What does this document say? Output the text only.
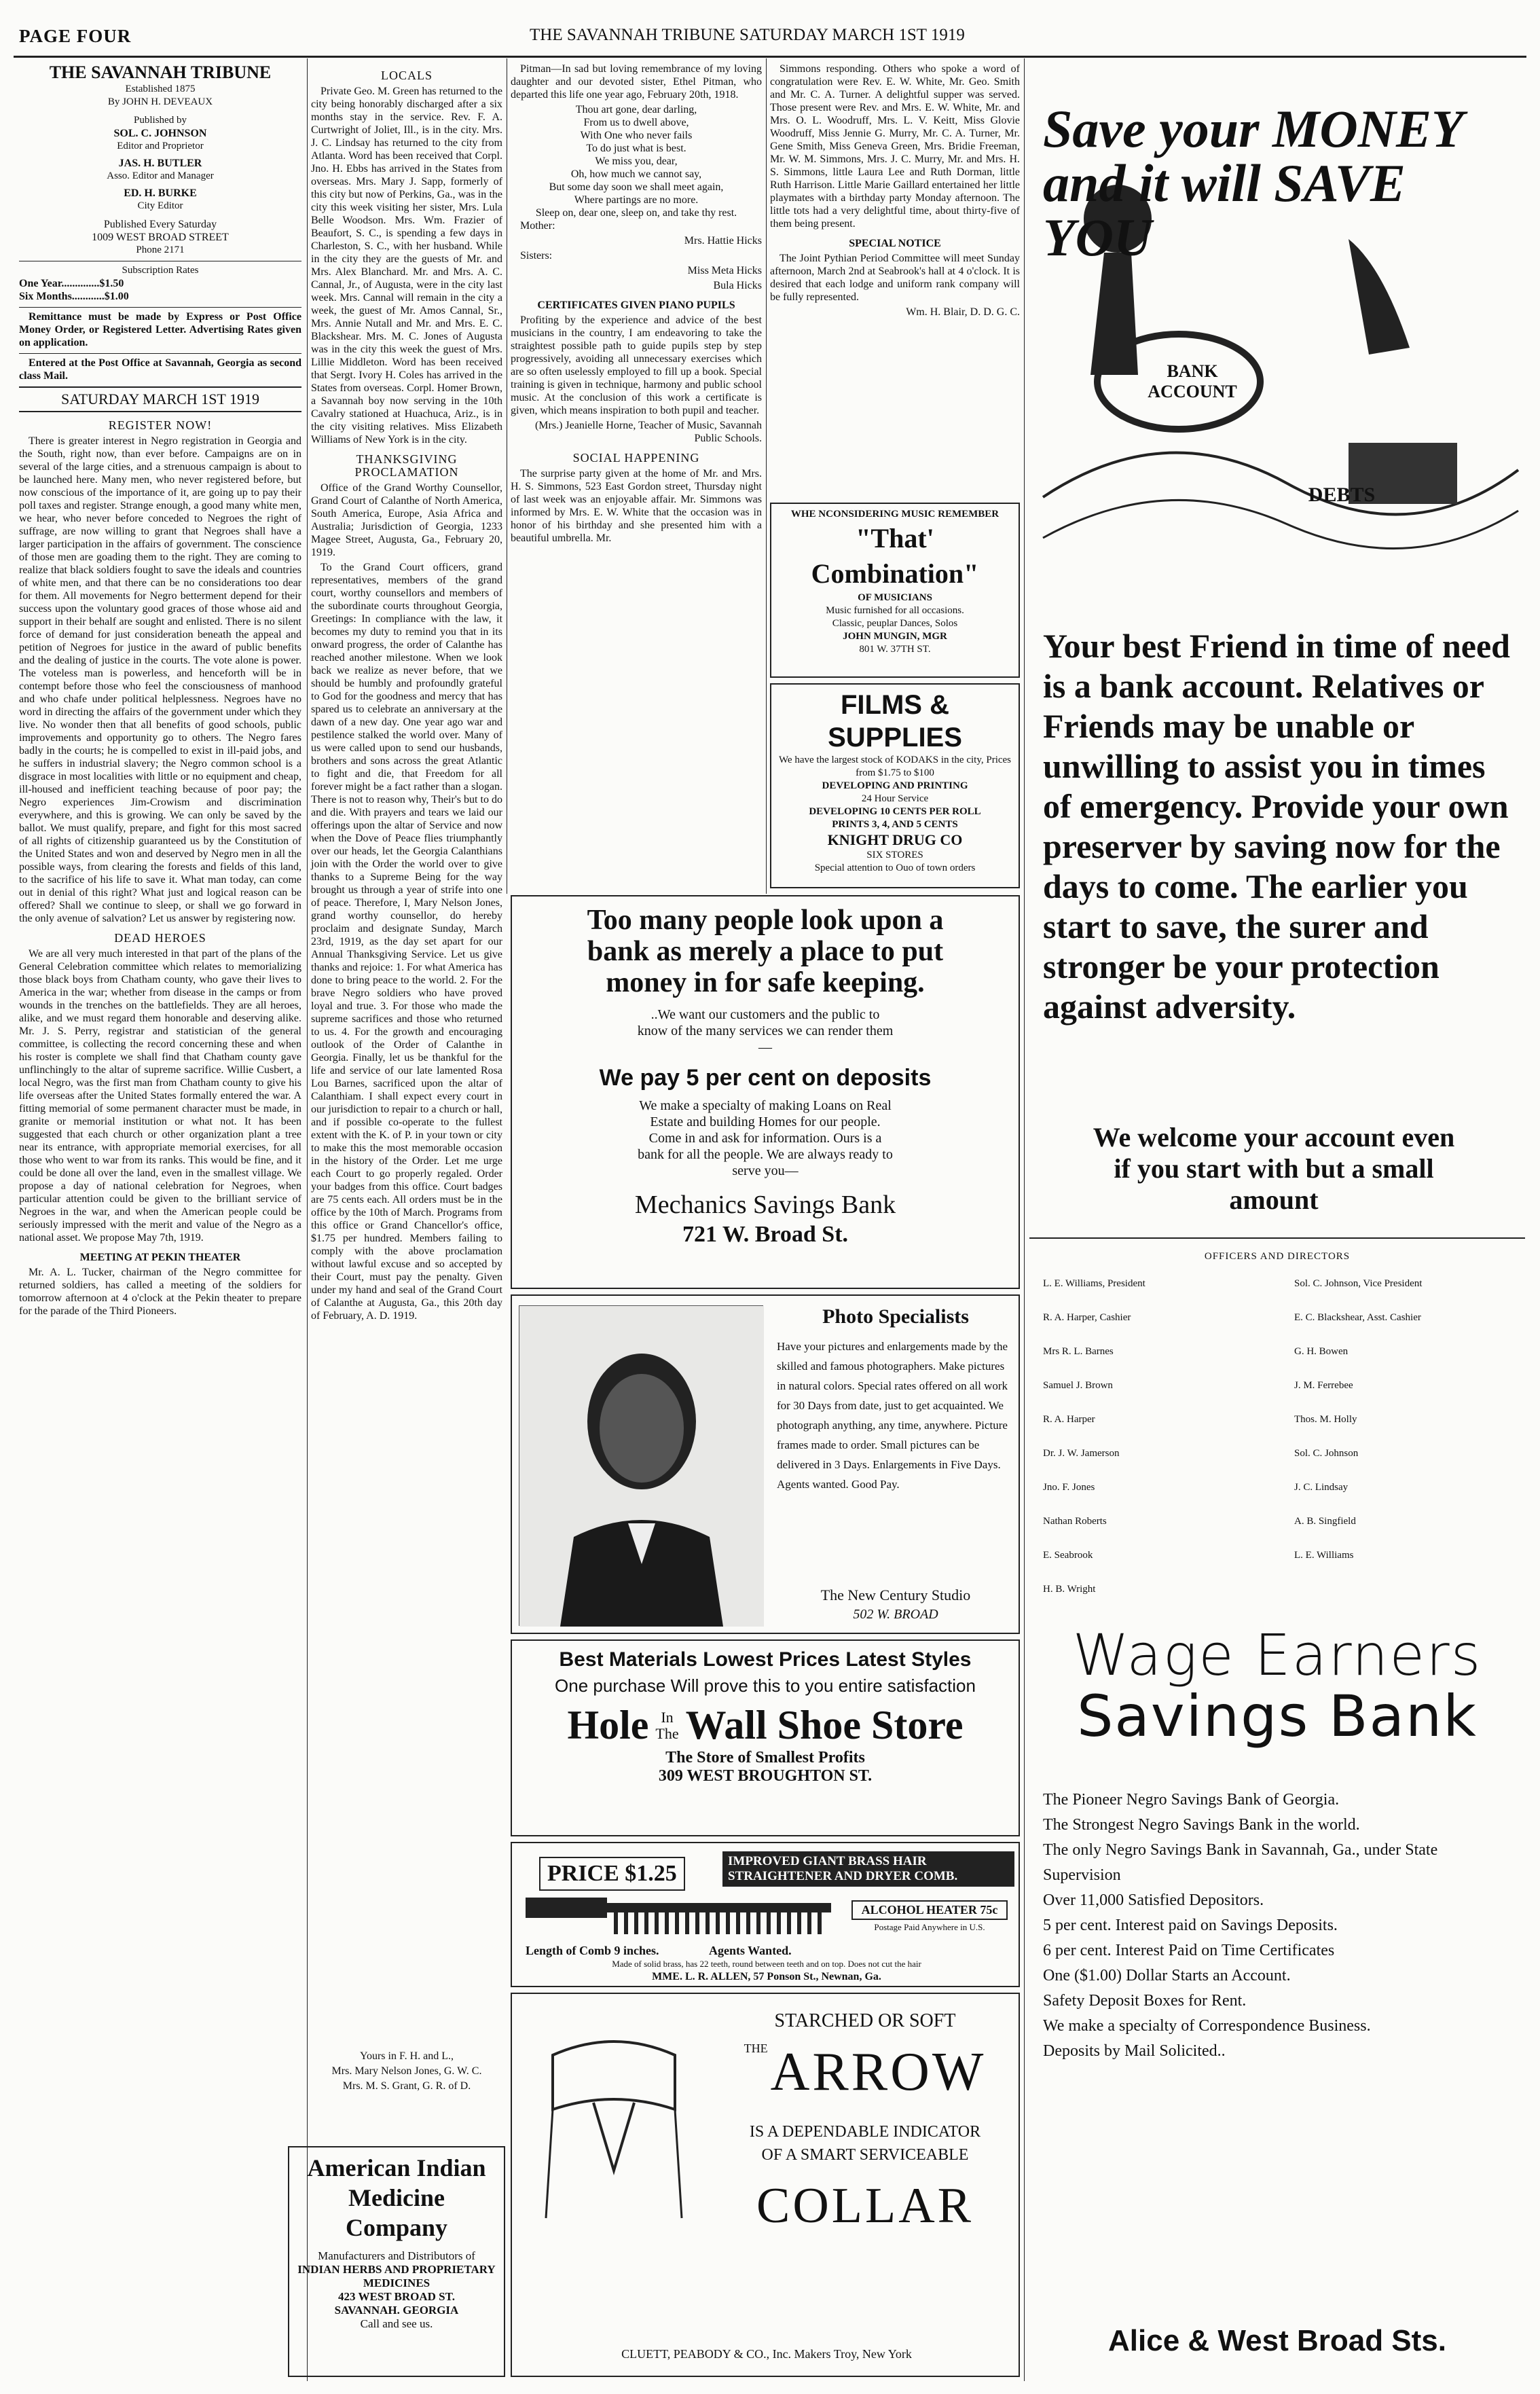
PAGE FOUR	THE SAVANNAH TRIBUNE SATURDAY MARCH 1ST 1919
THE SAVANNAH TRIBUNE
Established 1875
By JOHN H. DEVEAUX
Published by
SOL. C. JOHNSON
Editor and Proprietor
JAS. H. BUTLER
Asso. Editor and Manager
ED. H. BURKE
City Editor
Published Every Saturday
1009 WEST BROAD STREET
Phone 2171
Subscription Rates
One Year..............$1.50
Six Months............$1.00

Remittance must be made by Express or Post Office Money Order, or Registered Letter. Advertising Rates given on application.

Entered at the Post Office at Savannah, Georgia as second class Mail.

SATURDAY MARCH 1ST 1919
REGISTER NOW!

There is greater interest in Negro registration in Georgia and the South, right now, than ever before. Campaigns are on in several of the large cities, and a strenuous campaign is about to be launched here. Many men, who never registered before, but now conscious of the importance of it, are going up to pay their poll taxes and register. Strange enough, a good many white men, we hear, who never before conceded to Negroes the right of suffrage, are now willing to grant that Negroes shall have a larger participation in the affairs of government. The conscience of those men are goading them to the right. They are coming to realize that black soldiers fought to save the ideals and countries of white men, and that there can be no considerations too dear for them. All movements for Negro betterment depend for their success upon the voluntary good graces of those whose aid and support in their behalf are sought and enlisted. There is no silent force of demand for just consideration beneath the appeal and petition of Negroes for justice in the award of public benefits and the dealing of justice in the courts. The vote alone is power. The voteless man is powerless, and henceforth will be in contempt before those who feel the consciousness of manhood and who chafe under political helplessness. Negroes have no word in directing the affairs of the government under which they live. No wonder then that all benefits of good schools, public improvements and opportunity go to others. The Negro fares badly in the courts; he is compelled to exist in ill-paid jobs, and he suffers in industrial slavery; the Negro common school is a disgrace in most localities with little or no equipment and cheap, ill-housed and inefficient teaching because of poor pay; the Negro experiences Jim-Crowism and discrimination everywhere, and this is growing. We can only be saved by the ballot. We must qualify, prepare, and fight for this most sacred of all rights of citizenship guaranteed us by the Constitution of the United States and won and deserved by Negro men in all the possible ways, from clearing the forests and fields of this land, to the sacrifice of his life to save it. What man today, can come out in denial of this right? What just and logical reason can be offered? Shall we continue to sleep, or shall we go forward in the only avenue of salvation? Let us answer by registering now.

DEAD HEROES

We are all very much interested in that part of the plans of the General Celebration committee which relates to memorializing those black boys from Chatham county, who gave their lives to America in the war; whether from disease in the camps or from wounds in the trenches on the battlefields. They are all heroes, alike, and we must regard them honorable and deserving alike. Mr. J. S. Perry, registrar and statistician of the general committee, is collecting the record concerning these and when his roster is complete we shall find that Chatham county gave unflinchingly to the altar of supreme sacrifice. Willie Cusbert, a local Negro, was the first man from Chatham county to give his life overseas after the United States formally entered the war. A fitting memorial of some permanent character must be made, in granite or memorial institution or what not. It has been suggested that each church or other organization plant a tree near its entrance, with appropriate memorial exercises, for all those who went to war from its ranks. This would be fine, and it could be done all over the land, even in the smallest village. We propose a day of national celebration for Negroes, when particular attention could be given to the brilliant service of Negroes in the war, and when the American people could be seriously impressed with the merit and value of the Negro as a national asset. We propose May 7th, 1919.

MEETING AT PEKIN THEATER

Mr. A. L. Tucker, chairman of the Negro committee for returned soldiers, has called a meeting of the soldiers for tomorrow afternoon at 4 o'clock at the Pekin theater to prepare for the parade of the Third Pioneers.

LOCALS

Private Geo. M. Green has returned to the city being honorably discharged after a six months stay in the service. Rev. F. A. Curtwright of Joliet, Ill., is in the city. Mrs. J. C. Lindsay has returned to the city from Atlanta. Word has been received that Corpl. Jno. H. Ebbs has arrived in the States from overseas. Mrs. Mary J. Sapp, formerly of this city but now of Perkins, Ga., was in the city this week visiting her sister, Mrs. Lula Belle Woodson. Mrs. Wm. Frazier of Beaufort, S. C., is spending a few days in Charleston, S. C., with her husband. While in the city they are the guests of Mr. and Mrs. Alex Blanchard. Mr. and Mrs. A. C. Cannal, Jr., of Augusta, were in the city last week. Mrs. Cannal will remain in the city a week, the guest of Mr. Amos Cannal, Sr., Mrs. Annie Nutall and Mr. and Mrs. E. C. Blackshear. Mrs. M. C. Jones of Augusta was in the city this week the guest of Mrs. Lillie Middleton. Word has been received that Sergt. Ivory H. Coles has arrived in the States from overseas. Corpl. Homer Brown, a Savannah boy now serving in the 10th Cavalry stationed at Huachuca, Ariz., is in the city visiting relatives. Miss Elizabeth Williams of New York is in the city.

THANKSGIVING PROCLAMATION

Office of the Grand Worthy Counsellor, Grand Court of Calanthe of North America, South America, Europe, Asia Africa and Australia; Jurisdiction of Georgia, 1233 Magee Street, Augusta, Ga., February 20, 1919.

To the Grand Court officers, grand representatives, members of the grand court, worthy counsellors and members of the subordinate courts throughout Georgia, Greetings: In compliance with the law, it becomes my duty to remind you that in its onward progress, the order of Calanthe has reached another milestone. When we look back we realize as never before, that we should be humbly and profoundly grateful to God for the goodness and mercy that has spared us to celebrate an anniversary at the dawn of a new day. One year ago war and pestilence stalked the world over. Many of us were called upon to send our husbands, brothers and sons across the great Atlantic to fight and die, that Freedom for all forever might be a fact rather than a slogan. There is not to reason why, Their's but to do and die. With prayers and tears we laid our offerings upon the altar of Service and now when the Dove of Peace flies triumphantly over our heads, let the Georgia Calanthians join with the Order the world over to give thanks to a Supreme Being for the way brought us through a year of strife into one of peace. Therefore, I, Mary Nelson Jones, grand worthy counsellor, do hereby proclaim and designate Sunday, March 23rd, 1919, as the day set apart for our Annual Thanksgiving Service. Let us give thanks and rejoice: 1. For what America has done to bring peace to the world. 2. For the brave Negro soldiers who have proved loyal and true. 3. For those who made the supreme sacrifices and those who returned to us. 4. For the growth and encouraging outlook of the Order of Calanthe in Georgia. Finally, let us be thankful for the life and service of our late lamented Rosa Lou Barnes, sacrificed upon the altar of Calanthiam. I shall expect every court in our jurisdiction to repair to a church or hall, and if possible co-operate to the fullest extent with the K. of P. in your town or city to make this the most memorable occasion in the history of the Order. Let me urge each Court to go properly regaled. Order your badges from this office. Court badges are 75 cents each. All orders must be in the office by the 10th of March. Programs from this office or Grand Chancellor's office, $1.75 per hundred. Members failing to comply with the above proclamation without lawful excuse and so accepted by their Court, must pay the penalty. Given under my hand and seal of the Grand Court of Calanthe at Augusta, Ga., this 20th day of February, A. D. 1919.

Yours in F. H. and L.,

Mrs. Mary Nelson Jones, G. W. C.

Mrs. M. S. Grant, G. R. of D.

Pitman—In sad but loving remembrance of my loving daughter and our devoted sister, Ethel Pitman, who departed this life one year ago, February 20th, 1918.

Thou art gone, dear darling,
From us to dwell above,
With One who never fails
To do just what is best.
We miss you, dear,
Oh, how much we cannot say,
But some day soon we shall meet again,
Where partings are no more.
Sleep on, dear one, sleep on, and take thy rest.

Mother:

Mrs. Hattie Hicks

Sisters:

Miss Meta Hicks

Bula Hicks

CERTIFICATES GIVEN PIANO PUPILS

Profiting by the experience and advice of the best musicians in the country, I am endeavoring to take the straightest possible path to guide pupils step by step progressively, avoiding all unnecessary exercises which are so often uselessly employed to fill up a book. Special training is given in technique, harmony and public school music. At the conclusion of this work a certificate is given, which means inspiration to both pupil and teacher.

(Mrs.) Jeanielle Horne, Teacher of Music, Savannah Public Schools.

SOCIAL HAPPENING

The surprise party given at the home of Mr. and Mrs. H. S. Simmons, 523 East Gordon street, Thursday night of last week was an enjoyable affair. Mr. Simmons was informed by Mrs. E. W. White that the occasion was in honor of his birthday and she presented him with a beautiful umbrella. Mr.

Simmons responding. Others who spoke a word of congratulation were Rev. E. W. White, Mr. Geo. Smith and Mr. C. A. Turner. A delightful supper was served. Those present were Rev. and Mrs. E. W. White, Mr. and Mrs. O. L. Woodruff, Mrs. L. V. Keitt, Miss Glovie Woodruff, Miss Jennie G. Murry, Mr. C. A. Turner, Mr. Gene Smith, Miss Geneva Green, Mrs. Bridie Freeman, Mr. W. M. Simmons, Mrs. J. C. Murry, Mr. and Mrs. H. S. Simmons, little Laura Lee and Ruth Dorman, little Ruth Harrison. Little Marie Gaillard entertained her little playmates with a birthday party Monday afternoon. The little tots had a very delightful time, about thirty-five of them being present.

SPECIAL NOTICE

The Joint Pythian Period Committee will meet Sunday afternoon, March 2nd at Seabrook's hall at 4 o'clock. It is desired that each lodge and uniform rank company will be fully represented.

Wm. H. Blair, D. D. G. C.

WHE NCONSIDERING MUSIC REMEMBER
"That' Combination"
OF MUSICIANS
Music furnished for all occasions.
Classic, peuplar Dances, Solos
JOHN MUNGIN, MGR
801 W. 37TH ST.
FILMS & SUPPLIES
We have the largest stock of KODAKS in the city, Prices from $1.75 to $100
DEVELOPING AND PRINTING
24 Hour Service
DEVELOPING 10 CENTS PER ROLL
PRINTS 3, 4, AND 5 CENTS
KNIGHT DRUG CO
SIX STORES
Special attention to Ouo of town orders
Too many people look upon a
bank as merely a place to put
money in for safe keeping.
..We want our customers and the public to know of the many services we can render them—
We pay 5 per cent on deposits
We make a specialty of making Loans on Real Estate and building Homes for our people. Come in and ask for information. Ours is a bank for all the people. We are always ready to serve you—
Mechanics Savings Bank
721 W. Broad St.
Photo Specialists
Have your pictures and enlargements made by the skilled and famous photographers. Make pictures in natural colors. Special rates offered on all work for 30 Days from date, just to get acquainted. We photograph anything, any time, anywhere. Picture frames made to order. Small pictures can be delivered in 3 Days. Enlargements in Five Days. Agents wanted. Good Pay.
The New Century Studio
502 W. BROAD
Best Materials Lowest Prices Latest Styles
One purchase Will prove this to you entire satisfaction
Hole In
The Wall Shoe Store
The Store of Smallest Profits
309 WEST BROUGHTON ST.
PRICE $1.25	IMPROVED GIANT BRASS HAIR STRAIGHTENER AND DRYER COMB.
ALCOHOL HEATER 75c
Postage Paid Anywhere in U.S.
Length of Comb 9 inches.	Agents Wanted.
Made of solid brass, has 22 teeth, round between teeth and on top. Does not cut the hair
MME. L. R. ALLEN, 57 Ponson St., Newnan, Ga.
American Indian Medicine Company
Manufacturers and Distributors of
INDIAN HERBS AND PROPRIETARY MEDICINES
423 WEST BROAD ST.
SAVANNAH. GEORGIA
Call and see us.
STARCHED OR SOFT
THE ARROW
IS A DEPENDABLE INDICATOR
OF A SMART SERVICEABLE
COLLAR
CLUETT, PEABODY & CO., Inc. Makers Troy, New York
Save your MONEY and it will SAVE YOU
BANK ACCOUNT
DEBTS
Your best Friend in time of need is a bank account. Relatives or Friends may be unable or unwilling to assist you in times of emergency. Provide your own preserver by saving now for the days to come. The earlier you start to save, the surer and stronger be your protection against adversity.
We welcome your account even if you start with but a small amount
OFFICERS AND DIRECTORS
L. E. Williams, President	Sol. C. Johnson, Vice President
R. A. Harper, Cashier	E. C. Blackshear, Asst. Cashier
Mrs R. L. Barnes	G. H. Bowen
Samuel J. Brown	J. M. Ferrebee
R. A. Harper	Thos. M. Holly
Dr. J. W. Jamerson	Sol. C. Johnson
Jno. F. Jones	J. C. Lindsay
Nathan Roberts	A. B. Singfield
E. Seabrook	L. E. Williams
H. B. Wright
Wage Earners
Savings Bank
The Pioneer Negro Savings Bank of Georgia.
The Strongest Negro Savings Bank in the world.
The only Negro Savings Bank in Savannah, Ga., under State Supervision
Over 11,000 Satisfied Depositors.
5 per cent. Interest paid on Savings Deposits.
6 per cent. Interest Paid on Time Certificates
One ($1.00) Dollar Starts an Account.
Safety Deposit Boxes for Rent.
We make a specialty of Correspondence Business.
Deposits by Mail Solicited..
Alice & West Broad Sts.
